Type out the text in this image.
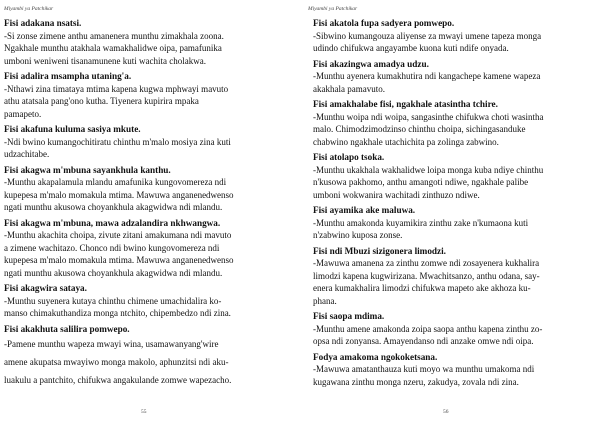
Miyambi ya Patchikar
Fisi adakana nsatsi.
-Si zonse zimene anthu amanenera munthu zimakhala zoona.
Ngakhale munthu atakhala wamakhalidwe oipa, pamafunika
umboni weniweni tisanamunene kuti wachita cholakwa.
Fisi adalira msampha utaning'a.
-Nthawi zina timataya mtima kapena kugwa mphwayi mavuto
athu atatsala pang'ono kutha. Tiyenera kupirira mpaka
pamapeto.
Fisi akafuna kuluma sasiya mkute.
-Ndi bwino kumangochitiratu chinthu m'malo mosiya zina kuti
udzachitabe.
Fisi akagwa m'mbuna sayankhula kanthu.
-Munthu akapalamula mlandu amafunika kungovomereza ndi
kupepesa m'malo momakula mtima. Mawuwa anganenedwenso
ngati munthu akusowa choyankhula akagwidwa ndi mlandu.
Fisi akagwa m'mbuna, mawa adzalandira nkhwangwa.
-Munthu akachita choipa, zivute zitani amakumana ndi mavuto
a zimene wachitazo. Chonco ndi bwino kungovomereza ndi
kupepesa m'malo momakula mtima. Mawuwa anganenedwenso
ngati munthu akusowa choyankhula akagwidwa ndi mlandu.
Fisi akagwira sataya.
-Munthu suyenera kutaya chinthu chimene umachidalira ko-
manso chimakuthandiza monga ntchito, chipembedzo ndi zina.
Fisi akakhuta salilira pomwepo.
-Pamene munthu wapeza mwayi wina, usamawanyang'wire
amene akupatsa mwayiwo monga makolo, aphunzitsi ndi aku-
luakulu a pantchito, chifukwa angakulande zomwe wapezacho.
55
Miyambi ya Patchikar
Fisi akatola fupa sadyera pomwepo.
-Sibwino kumangouza aliyense za mwayi umene tapeza monga
udindo chifukwa angayambe kuona kuti ndife onyada.
Fisi akazingwa amadya udzu.
-Munthu ayenera kumakhutira ndi kangachepe kamene wapeza
akakhala pamavuto.
Fisi amakhalabe fisi, ngakhale atasintha tchire.
-Munthu woipa ndi woipa, sangasinthe chifukwa choti wasintha
malo. Chimodzimodzinso chinthu choipa, sichingasanduke
chabwino ngakhale utachichita pa zolinga zabwino.
Fisi atolapo tsoka.
-Munthu ukakhala wakhalidwe loipa monga kuba ndiye chinthu
n'kusowa pakhomo, anthu amangoti ndiwe, ngakhale palibe
umboni wokwanira wachitadi zinthuzo ndiwe.
Fisi ayamika ake maluwa.
-Munthu amakonda kuyamikira zinthu zake n'kumaona kuti
n'zabwino kuposa zonse.
Fisi ndi Mbuzi sizigonera limodzi.
-Mawuwa amanena za zinthu zomwe ndi zosayenera kukhalira
limodzi kapena kugwirizana. Mwachitsanzo, anthu odana, say-
enera kumakhalira limodzi chifukwa mapeto ake akhoza ku-
phana.
Fisi saopa mdima.
-Munthu amene amakonda zoipa saopa anthu kapena zinthu zo-
opsa ndi zonyansa. Amayendanso ndi anzake omwe ndi oipa.
Fodya amakoma ngokoketsana.
-Mawuwa amatanthauza kuti moyo wa munthu umakoma ndi
kugawana zinthu monga nzeru, zakudya, zovala ndi zina.
56
